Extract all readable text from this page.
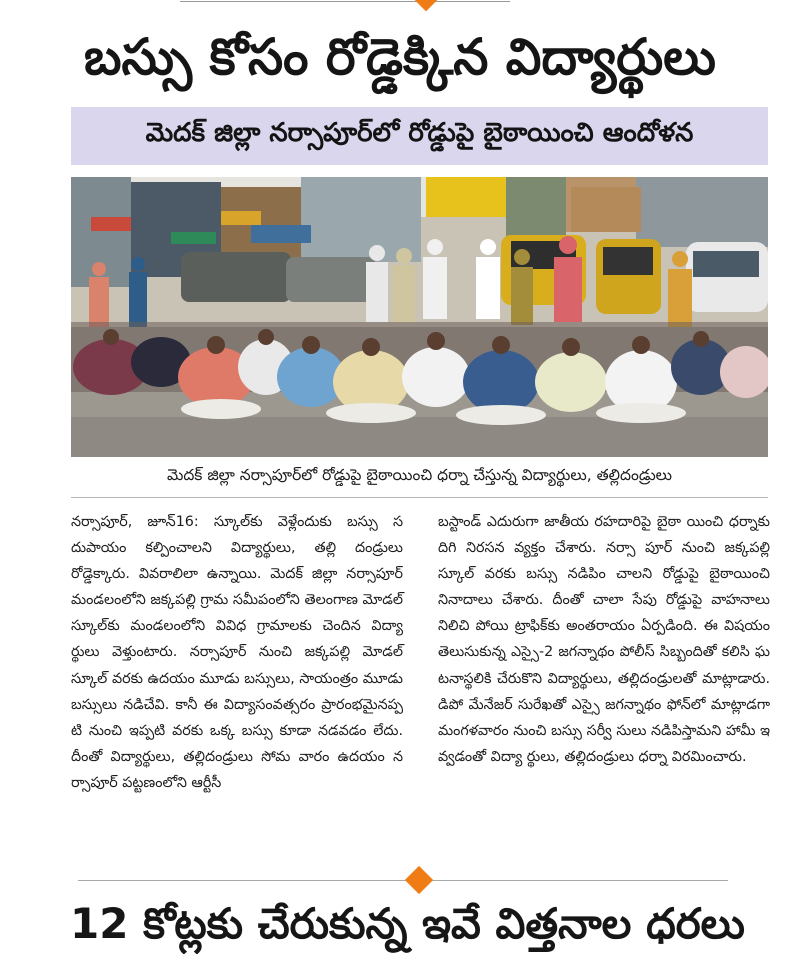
బస్సు కోసం రోడ్డెక్కిన విద్యార్థులు
మెదక్ జిల్లా నర్సాపూర్‌లో రోడ్డుపై బైఠాయించి ఆందోళన
మెదక్ జిల్లా నర్సాపూర్‌లో రోడ్డుపై బైఠాయించి ధర్నా చేస్తున్న విద్యార్థులు, తల్లిదండ్రులు
నర్సాపూర్, జూన్16: స్కూల్‌కు వెళ్లేందుకు బస్సు సదుపాయం కల్పించాలని విద్యార్థులు, తల్లి దండ్రులు రోడ్డెక్కారు. వివరాలిలా ఉన్నాయి. మెదక్ జిల్లా నర్సాపూర్ మండలంలోని జక్కపల్లి గ్రామ సమీపంలోని తెలంగాణ మోడల్ స్కూల్‌కు మండలంలోని వివిధ గ్రామాలకు చెందిన విద్యా ర్థులు వెళ్తుంటారు. నర్సాపూర్ నుంచి జక్కపల్లి మోడల్ స్కూల్ వరకు ఉదయం మూడు బస్సులు, సాయంత్రం మూడు బస్సులు నడిచేవి. కానీ ఈ విద్యాసంవత్సరం ప్రారంభమైనప్పటి నుంచి ఇప్పటి వరకు ఒక్క బస్సు కూడా నడవడం లేదు. దీంతో విద్యార్థులు, తల్లిదండ్రులు సోమ వారం ఉదయం నర్సాపూర్ పట్టణంలోని ఆర్టీసీ
బస్టాండ్ ఎదురుగా జాతీయ రహదారిపై బైఠా యించి ధర్నాకు దిగి నిరసన వ్యక్తం చేశారు. నర్సా పూర్ నుంచి జక్కపల్లి స్కూల్ వరకు బస్సు నడిపిం చాలని రోడ్డుపై బైఠాయించి నినాదాలు చేశారు. దీంతో చాలా సేపు రోడ్డుపై వాహనాలు నిలిచి పోయి ట్రాఫిక్‌కు అంతరాయం ఏర్పడింది. ఈ విషయం తెలుసుకున్న ఎస్సై-2 జగన్నాథం పోలీస్ సిబ్బందితో కలిసి ఘటనాస్థలికి చేరుకొని విద్యార్థులు, తల్లిదండ్రులతో మాట్లాడారు. డిపో మేనేజర్ సురేఖతో ఎస్సై జగన్నాథం ఫోన్‌లో మాట్లాడగా మంగళవారం నుంచి బస్సు సర్వీ సులు నడిపిస్తామని హామీ ఇవ్వడంతో విద్యా ర్థులు, తల్లిదండ్రులు ధర్నా విరమించారు.
12 కోట్లకు చేరుకున్న ఇవే విత్తనాల ధరలు
